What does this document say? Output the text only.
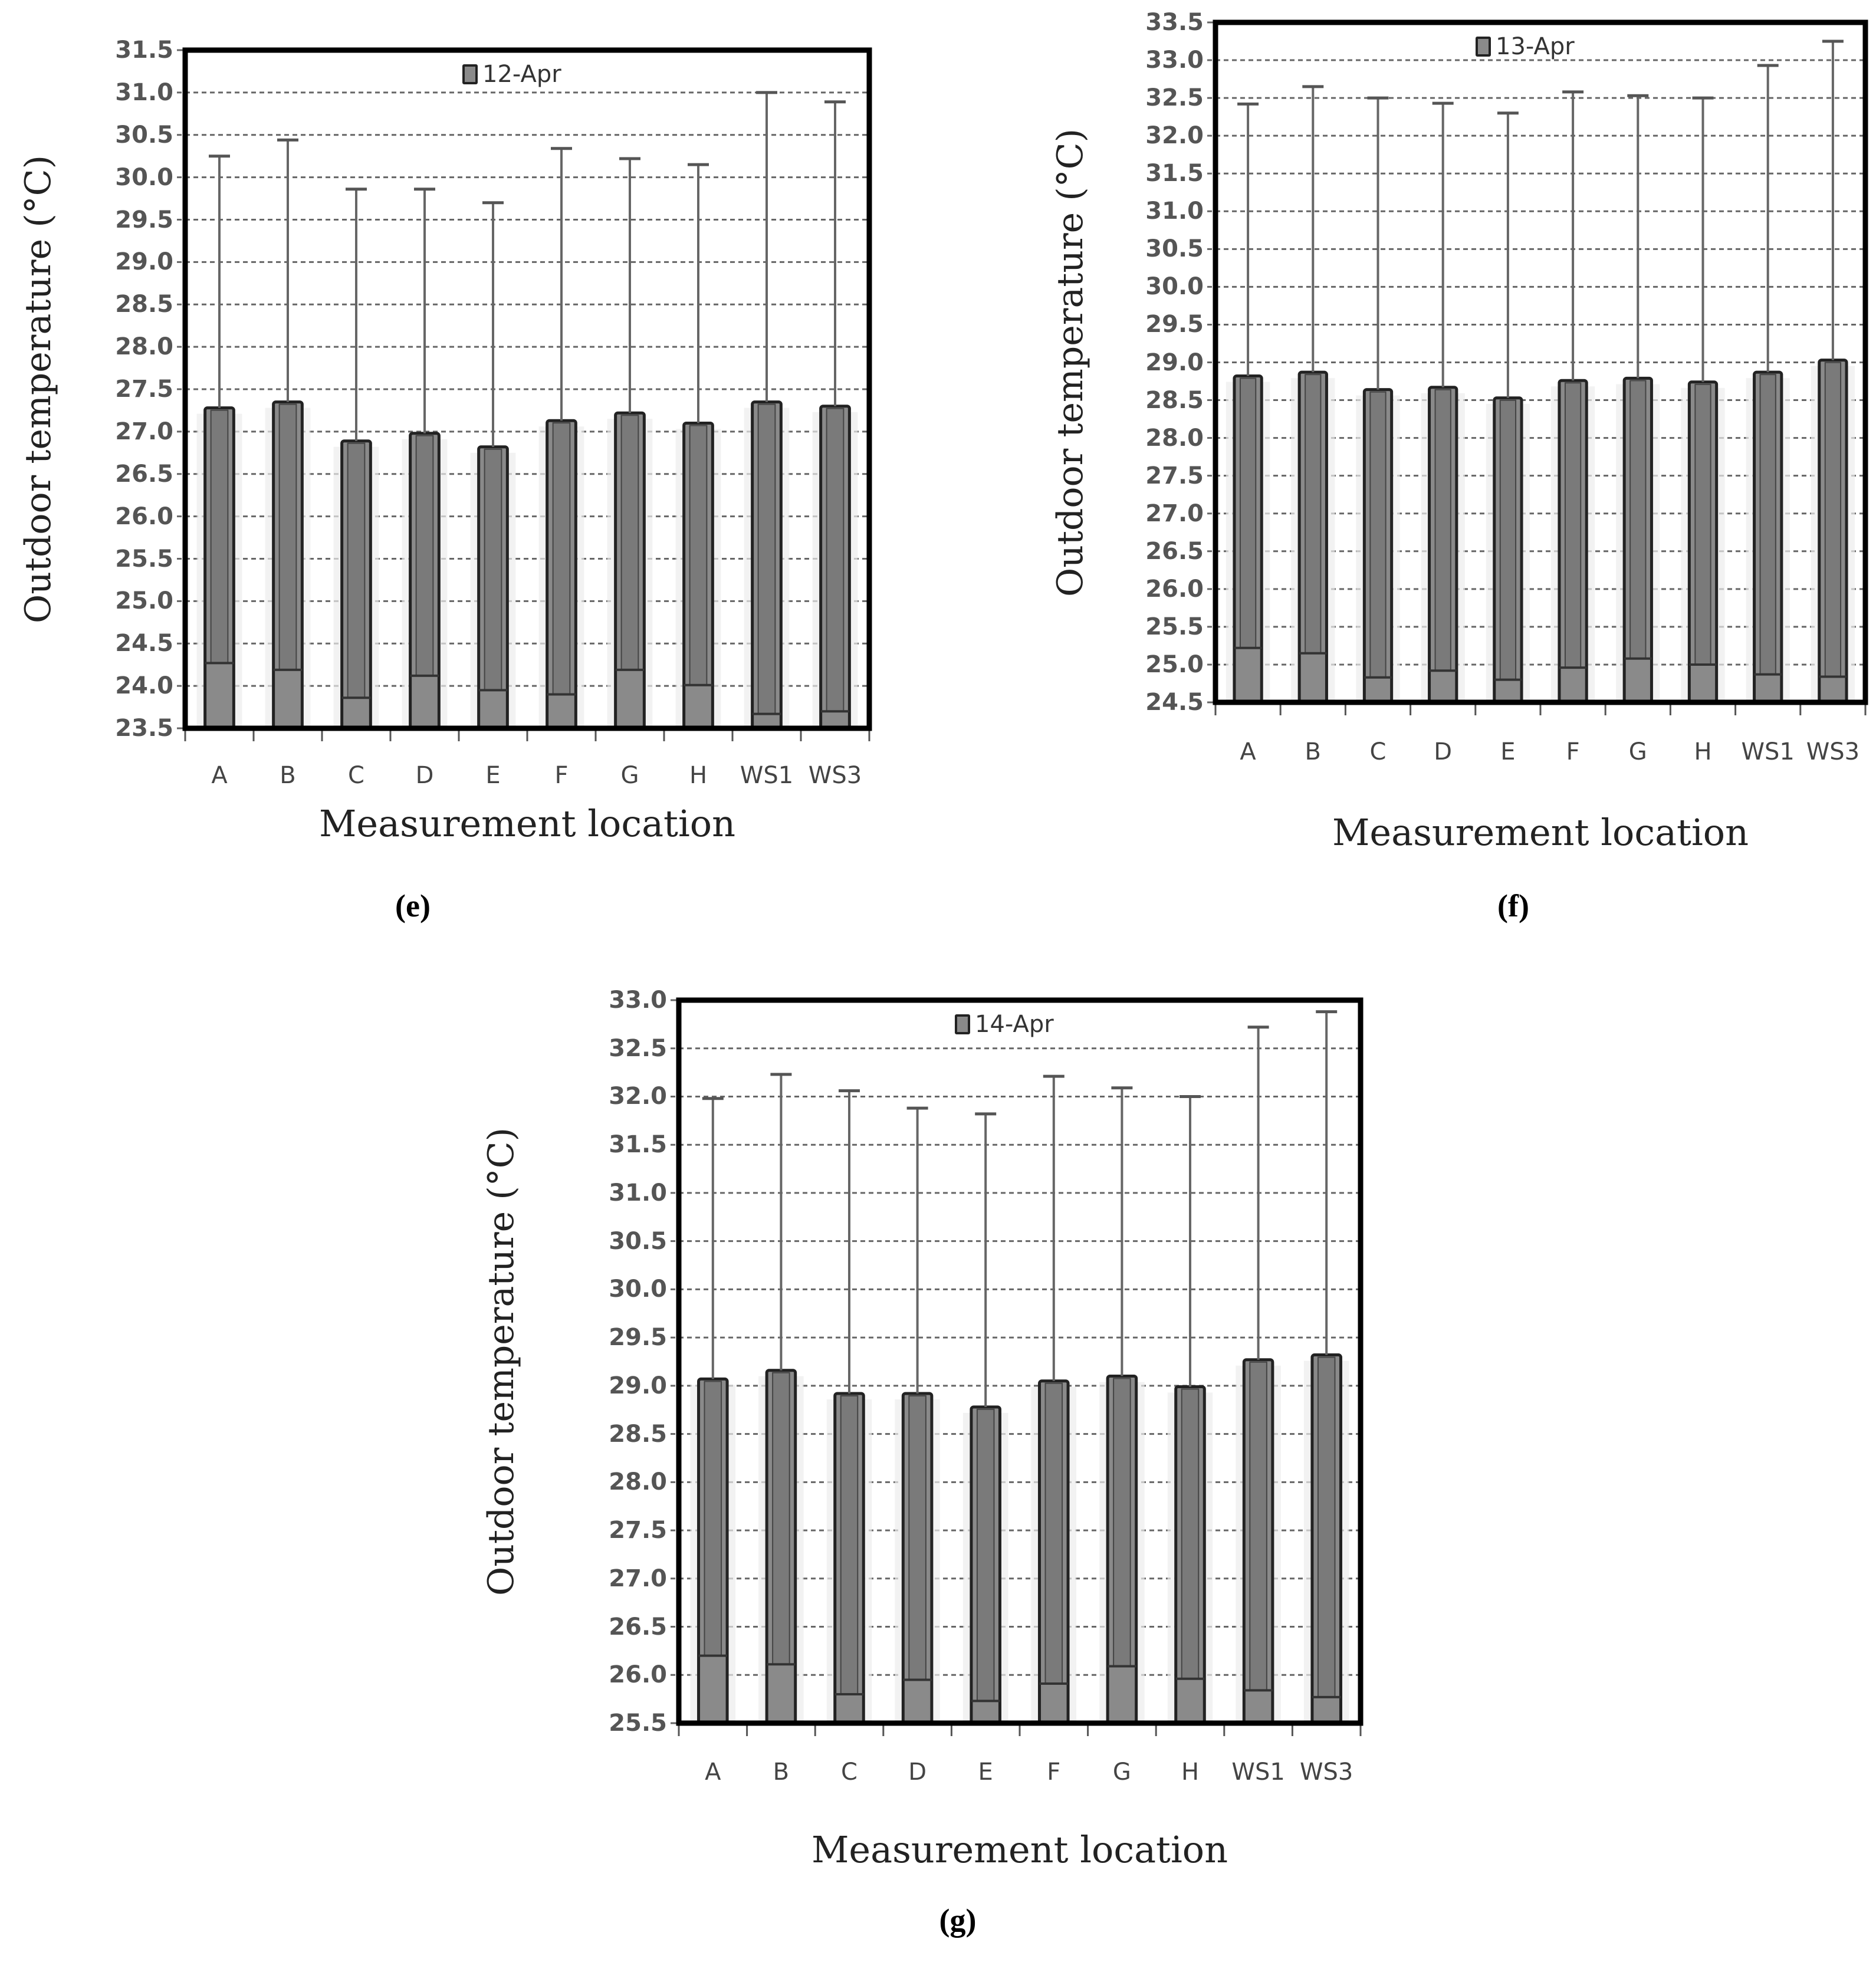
A	B	C	D	E	F	G	H	WS1 WS3
31.5
31.0
30.5
30.0
29.5
29.0
28.5
28.0
27.5
27.0
26.5
26.0
25.5
25.0
24.5
24.0
23.5
Outdoor temperature (°C)
Measurement location
12-Apr
(e)
A	B	C	D	E	F	G	H	WS1 WS3
33.5
33.0
32.5
32.0
31.5
31.0
30.5
30.0
29.5
29.0
28.5
28.0
27.5
27.0
26.5
26.0
25.5
25.0
24.5
Outdoor temperature (°C)
Measurement location
13-Apr
(f)
A	B	C	D	E	F	G	H	WS1 WS3
33.0
32.5
32.0
31.5
31.0
30.5
30.0
29.5
29.0
28.5
28.0
27.5
27.0
26.5
26.0
25.5
Outdoor temperature (°C)
Measurement location
14-Apr
(g)
